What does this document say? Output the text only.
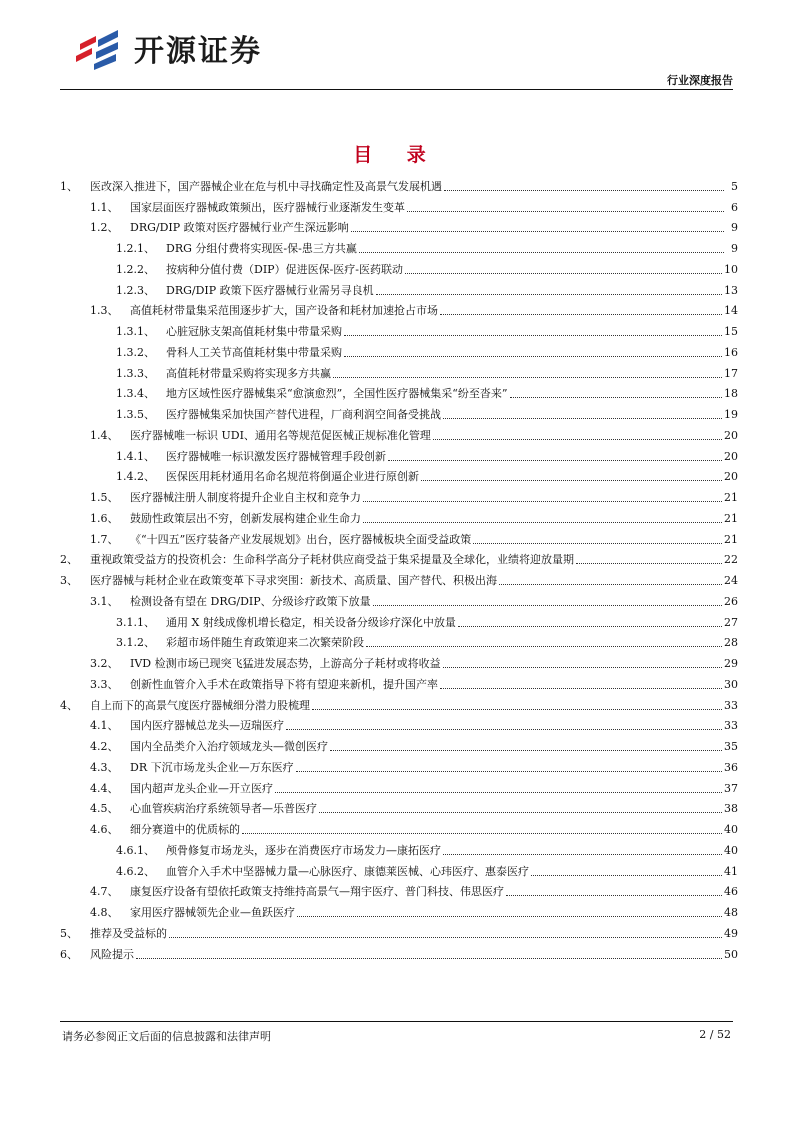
开源证券
行业深度报告
目 录
1、	医改深入推进下，国产器械企业在危与机中寻找确定性及高景气发展机遇	5
1.1、	国家层面医疗器械政策频出，医疗器械行业逐渐发生变革	6
1.2、	DRG/DIP 政策对医疗器械行业产生深远影响	9
1.2.1、	DRG 分组付费将实现医-保-患三方共赢	9
1.2.2、	按病种分值付费（DIP）促进医保-医疗-医药联动	10
1.2.3、	DRG/DIP 政策下医疗器械行业需另寻良机	13
1.3、	高值耗材带量集采范围逐步扩大，国产设备和耗材加速抢占市场	14
1.3.1、	心脏冠脉支架高值耗材集中带量采购	15
1.3.2、	骨科人工关节高值耗材集中带量采购	16
1.3.3、	高值耗材带量采购将实现多方共赢	17
1.3.4、	地方区域性医疗器械集采“愈演愈烈”，全国性医疗器械集采“纷至沓来”	18
1.3.5、	医疗器械集采加快国产替代进程，厂商利润空间备受挑战	19
1.4、	医疗器械唯一标识 UDI、通用名等规范促医械正规标准化管理	20
1.4.1、	医疗器械唯一标识激发医疗器械管理手段创新	20
1.4.2、	医保医用耗材通用名命名规范将倒逼企业进行原创新	20
1.5、	医疗器械注册人制度将提升企业自主权和竞争力	21
1.6、	鼓励性政策层出不穷，创新发展构建企业生命力	21
1.7、	《“十四五”医疗装备产业发展规划》出台，医疗器械板块全面受益政策	21
2、	重视政策受益方的投资机会：生命科学高分子耗材供应商受益于集采提量及全球化，业绩将迎放量期	22
3、	医疗器械与耗材企业在政策变革下寻求突围：新技术、高质量、国产替代、积极出海	24
3.1、	检测设备有望在 DRG/DIP、分级诊疗政策下放量	26
3.1.1、	通用 X 射线成像机增长稳定，相关设备分级诊疗深化中放量	27
3.1.2、	彩超市场伴随生育政策迎来二次繁荣阶段	28
3.2、	IVD 检测市场已现突飞猛进发展态势，上游高分子耗材或将收益	29
3.3、	创新性血管介入手术在政策指导下将有望迎来新机，提升国产率	30
4、	自上而下的高景气度医疗器械细分潜力股梳理	33
4.1、	国内医疗器械总龙头—迈瑞医疗	33
4.2、	国内全品类介入治疗领域龙头—微创医疗	35
4.3、	DR 下沉市场龙头企业—万东医疗	36
4.4、	国内超声龙头企业—开立医疗	37
4.5、	心血管疾病治疗系统领导者—乐普医疗	38
4.6、	细分赛道中的优质标的	40
4.6.1、	颅骨修复市场龙头，逐步在消费医疗市场发力—康拓医疗	40
4.6.2、	血管介入手术中坚器械力量—心脉医疗、康德莱医械、心玮医疗、惠泰医疗	41
4.7、	康复医疗设备有望依托政策支持维持高景气—翔宇医疗、普门科技、伟思医疗	46
4.8、	家用医疗器械领先企业—鱼跃医疗	48
5、	推荐及受益标的	49
6、	风险提示	50
请务必参阅正文后面的信息披露和法律声明	2 / 52
